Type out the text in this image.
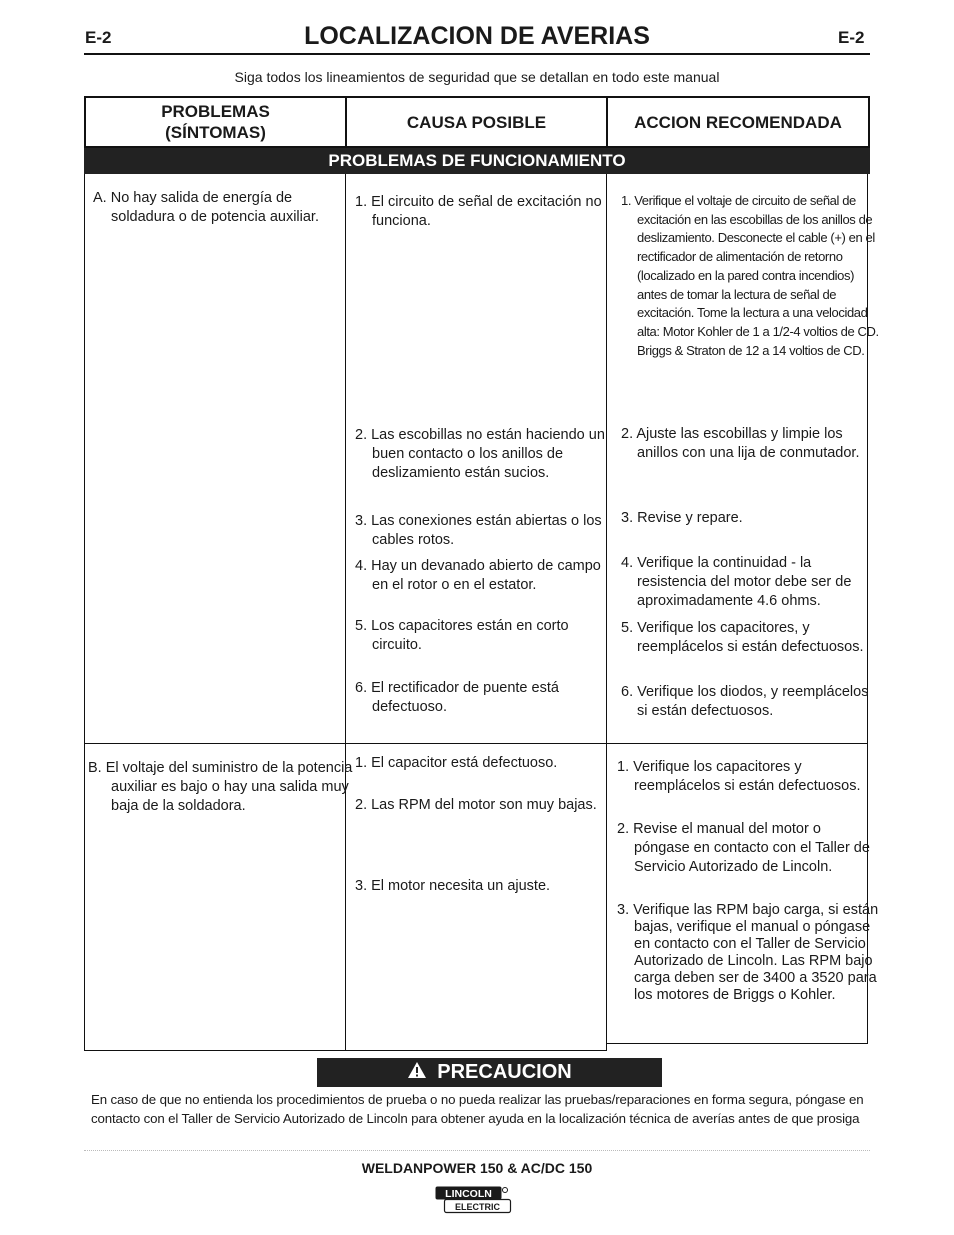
E-2	E-2
LOCALIZACION DE AVERIAS
Siga todos los lineamientos de seguridad que se detallan en todo este manual
PROBLEMAS
(SÍNTOMAS)
CAUSA POSIBLE	ACCION RECOMENDADA
PROBLEMAS DE FUNCIONAMIENTO
A. No hay salida de energía de soldadura o de potencia auxiliar.
1. El circuito de señal de excitación no funciona.
2. Las escobillas no están haciendo un buen contacto o los anillos de deslizamiento están sucios.
3. Las conexiones están abiertas o los cables rotos.
4. Hay un devanado abierto de campo en el rotor o en el estator.
5. Los capacitores están en corto circuito.
6. El rectificador de puente está defectuoso.
1. Verifique el voltaje de circuito de señal de excitación en las escobillas de los anillos de deslizamiento. Desconecte el cable (+) en el rectificador de alimentación de retorno (localizado en la pared contra incendios) antes de tomar la lectura de señal de excitación. Tome la lectura a una velocidad alta: Motor Kohler de 1 a 1/2-4 voltios de CD. Briggs & Straton de 12 a 14 voltios de CD.
2. Ajuste las escobillas y limpie los anillos con una lija de conmutador.
3. Revise y repare.
4. Verifique la continuidad - la resistencia del motor debe ser de aproximadamente 4.6 ohms.
5. Verifique los capacitores, y reemplácelos si están defectuosos.
6. Verifique los diodos, y reemplácelos si están defectuosos.
B. El voltaje del suministro de la potencia auxiliar es bajo o hay una salida muy baja de la soldadora.
1. El capacitor está defectuoso.
2. Las RPM del motor son muy bajas.
3. El motor necesita un ajuste.
1. Verifique los capacitores y reemplácelos si están defectuosos.
2. Revise el manual del motor o póngase en contacto con el Taller de Servicio Autorizado de Lincoln.
3. Verifique las RPM bajo carga, si están bajas, verifique el manual o póngase en contacto con el Taller de Servicio Autorizado de Lincoln. Las RPM bajo carga deben ser de 3400 a 3520 para los motores de Briggs o Kohler.
PRECAUCION
En caso de que no entienda los procedimientos de prueba o no pueda realizar las pruebas/reparaciones en forma segura, póngase en contacto con el Taller de Servicio Autorizado de Lincoln para obtener ayuda en la localización técnica de averías antes de que prosiga
WELDANPOWER 150 & AC/DC 150
LINCOLN
ELECTRIC
